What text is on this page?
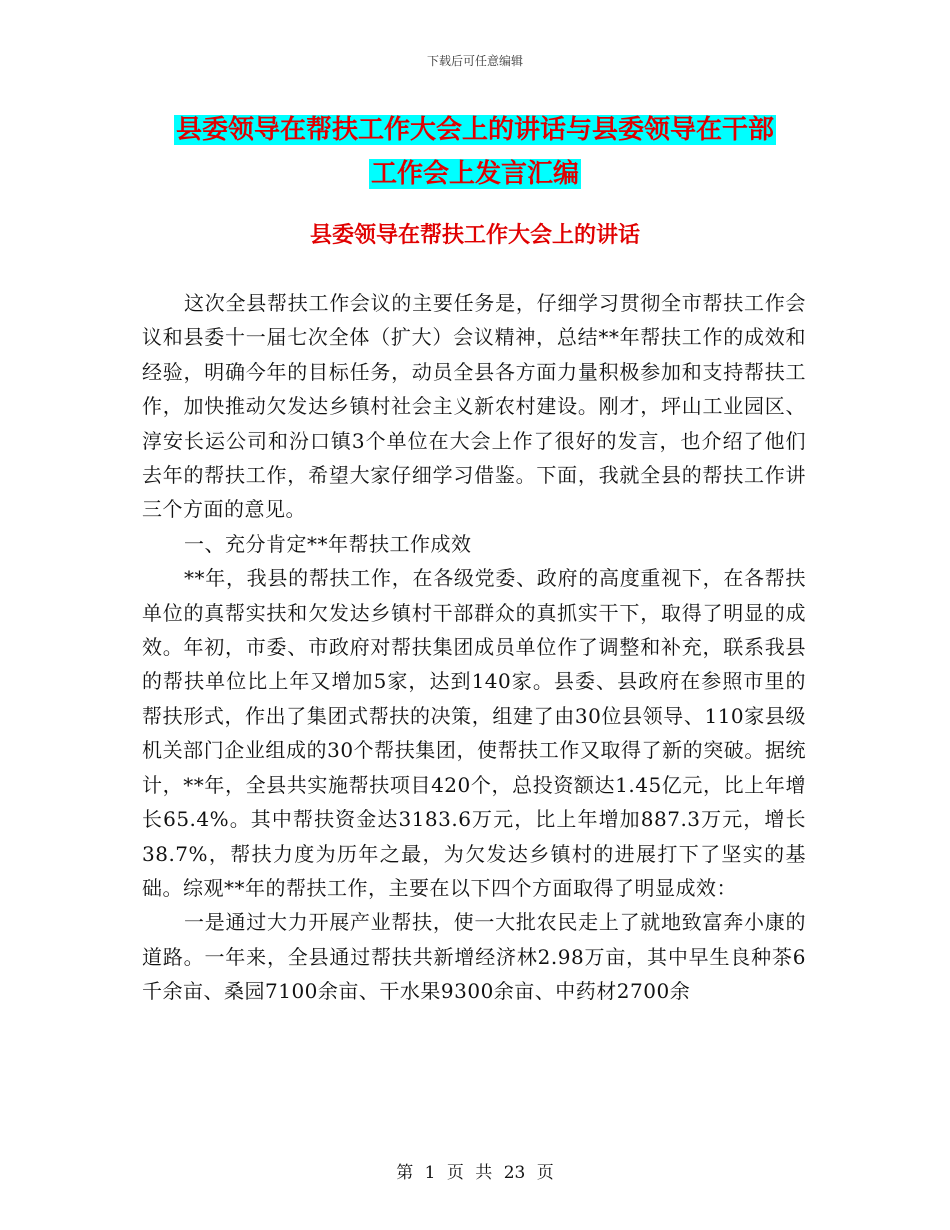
下载后可任意编辑
县委领导在帮扶工作大会上的讲话与县委领导在干部
工作会上发言汇编
县委领导在帮扶工作大会上的讲话

这次全县帮扶工作会议的主要任务是，仔细学习贯彻全市帮扶工作会议和县委十一届七次全体（扩大）会议精神，总结**年帮扶工作的成效和经验，明确今年的目标任务，动员全县各方面力量积极参加和支持帮扶工作，加快推动欠发达乡镇村社会主义新农村建设。刚才，坪山工业园区、淳安长运公司和汾口镇3个单位在大会上作了很好的发言，也介绍了他们去年的帮扶工作，希望大家仔细学习借鉴。下面，我就全县的帮扶工作讲三个方面的意见。

一、充分肯定**年帮扶工作成效

**年，我县的帮扶工作，在各级党委、政府的高度重视下，在各帮扶单位的真帮实扶和欠发达乡镇村干部群众的真抓实干下，取得了明显的成效。年初，市委、市政府对帮扶集团成员单位作了调整和补充，联系我县的帮扶单位比上年又增加5家，达到140家。县委、县政府在参照市里的帮扶形式，作出了集团式帮扶的决策，组建了由30位县领导、110家县级机关部门企业组成的30个帮扶集团，使帮扶工作又取得了新的突破。据统计，**年，全县共实施帮扶项目420个，总投资额达1.45亿元，比上年增长65.4%。其中帮扶资金达3183.6万元，比上年增加887.3万元，增长38.7%，帮扶力度为历年之最，为欠发达乡镇村的进展打下了坚实的基础。综观**年的帮扶工作，主要在以下四个方面取得了明显成效：

一是通过大力开展产业帮扶，使一大批农民走上了就地致富奔小康的道路。一年来，全县通过帮扶共新增经济林2.98万亩，其中早生良种茶6千余亩、桑园7100余亩、干水果9300余亩、中药材2700余

第 1 页 共 23 页
